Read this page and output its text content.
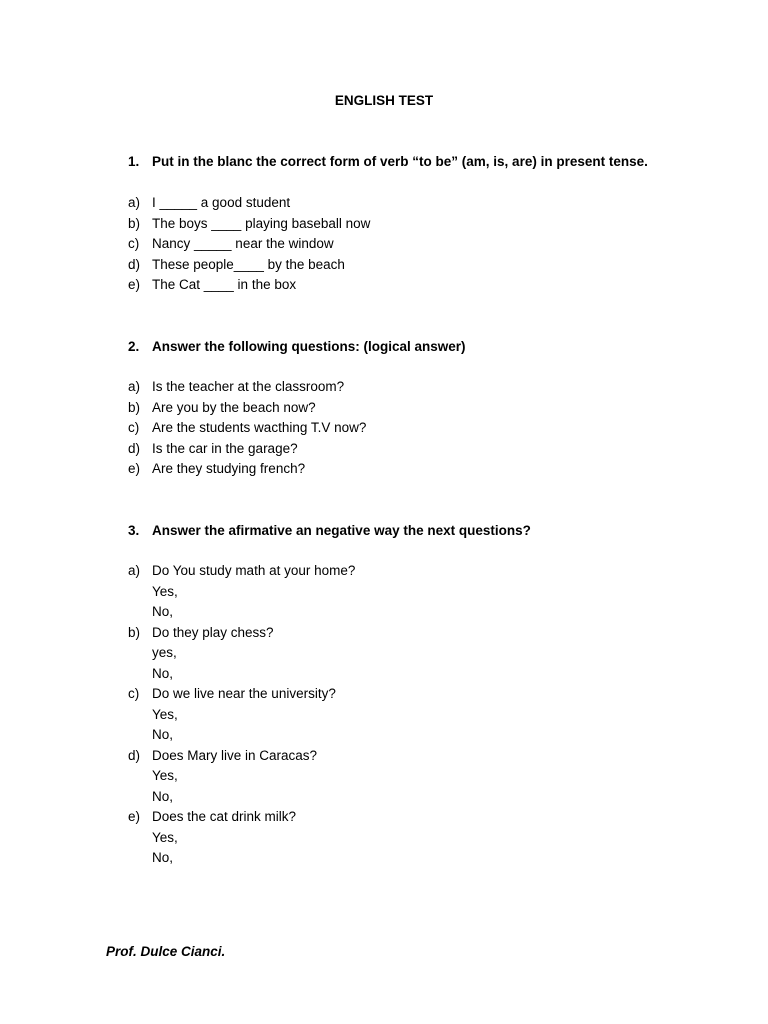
ENGLISH TEST
1. Put in the blanc the correct form of verb “to be” (am, is, are) in present tense.
a) I _____ a good student
b) The boys ____ playing baseball now
c) Nancy _____ near the window
d) These people____ by the beach
e) The Cat ____ in the box
2. Answer the following questions: (logical answer)
a) Is the teacher at the classroom?
b) Are you by the beach now?
c) Are the students wacthing T.V now?
d) Is the car in the garage?
e) Are they studying french?
3. Answer the afirmative an negative way the next questions?
a) Do You study math at your home?
Yes,
No,
b) Do they play chess?
yes,
No,
c) Do we live near the university?
Yes,
No,
d) Does Mary live in Caracas?
Yes,
No,
e) Does the cat drink milk?
Yes,
No,
Prof. Dulce Cianci.
